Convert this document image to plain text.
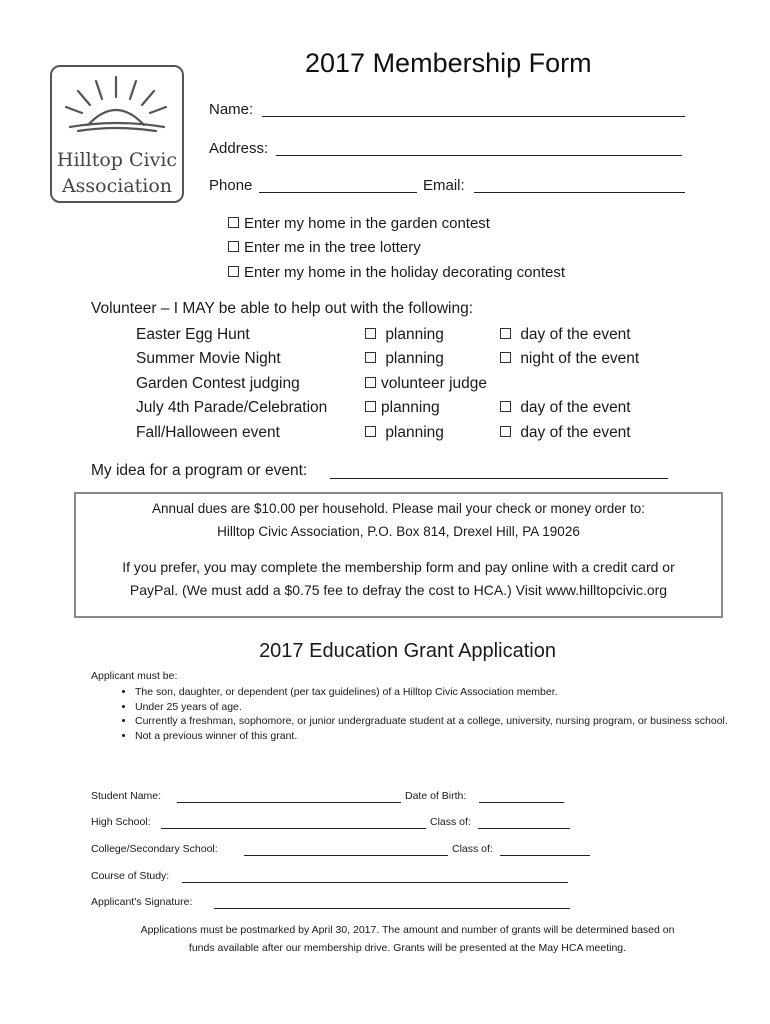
Hilltop Civic
Association
2017 Membership Form
Name:
Address:
Phone	Email:
Enter my home in the garden contest
Enter me in the tree lottery
Enter my home in the holiday decorating contest
Volunteer – I MAY be able to help out with the following:
Easter Egg Hunt	planning	day of the event
Summer Movie Night	planning	night of the event
Garden Contest judging	volunteer judge
July 4th Parade/Celebration	planning	day of the event
Fall/Halloween event	planning	day of the event
My idea for a program or event:
Annual dues are $10.00 per household. Please mail your check or money order to:
Hilltop Civic Association, P.O. Box 814, Drexel Hill, PA 19026
If you prefer, you may complete the membership form and pay online with a credit card or
PayPal. (We must add a $0.75 fee to defray the cost to HCA.) Visit www.hilltopcivic.org
2017 Education Grant Application
Applicant must be:
• The son, daughter, or dependent (per tax guidelines) of a Hilltop Civic Association member.
• Under 25 years of age.
• Currently a freshman, sophomore, or junior undergraduate student at a college, university, nursing program, or business school.
• Not a previous winner of this grant.
Student Name:	Date of Birth:
High School:	Class of:
College/Secondary School:	Class of:
Course of Study:
Applicant’s Signature:
Applications must be postmarked by April 30, 2017. The amount and number of grants will be determined based on
funds available after our membership drive. Grants will be presented at the May HCA meeting.
